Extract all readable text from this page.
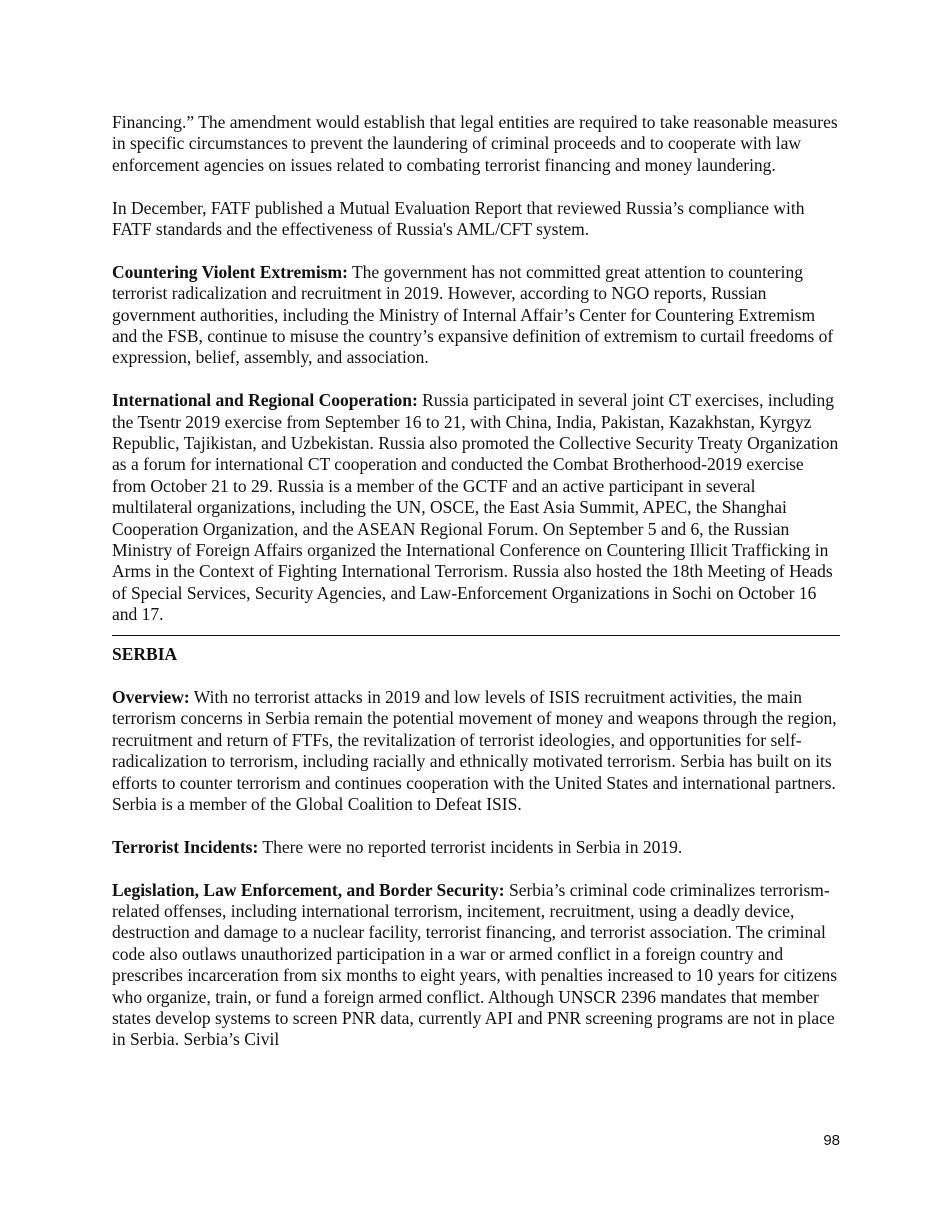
Financing.” The amendment would establish that legal entities are required to take reasonable measures in specific circumstances to prevent the laundering of criminal proceeds and to cooperate with law enforcement agencies on issues related to combating terrorist financing and money laundering.

In December, FATF published a Mutual Evaluation Report that reviewed Russia’s compliance with FATF standards and the effectiveness of Russia's AML/CFT system.

Countering Violent Extremism: The government has not committed great attention to countering terrorist radicalization and recruitment in 2019. However, according to NGO reports, Russian government authorities, including the Ministry of Internal Affair’s Center for Countering Extremism and the FSB, continue to misuse the country’s expansive definition of extremism to curtail freedoms of expression, belief, assembly, and association.

International and Regional Cooperation: Russia participated in several joint CT exercises, including the Tsentr 2019 exercise from September 16 to 21, with China, India, Pakistan, Kazakhstan, Kyrgyz Republic, Tajikistan, and Uzbekistan. Russia also promoted the Collective Security Treaty Organization as a forum for international CT cooperation and conducted the Combat Brotherhood-2019 exercise from October 21 to 29. Russia is a member of the GCTF and an active participant in several multilateral organizations, including the UN, OSCE, the East Asia Summit, APEC, the Shanghai Cooperation Organization, and the ASEAN Regional Forum. On September 5 and 6, the Russian Ministry of Foreign Affairs organized the International Conference on Countering Illicit Trafficking in Arms in the Context of Fighting International Terrorism. Russia also hosted the 18th Meeting of Heads of Special Services, Security Agencies, and Law-Enforcement Organizations in Sochi on October 16 and 17.

SERBIA

Overview: With no terrorist attacks in 2019 and low levels of ISIS recruitment activities, the main terrorism concerns in Serbia remain the potential movement of money and weapons through the region, recruitment and return of FTFs, the revitalization of terrorist ideologies, and opportunities for self-radicalization to terrorism, including racially and ethnically motivated terrorism. Serbia has built on its efforts to counter terrorism and continues cooperation with the United States and international partners. Serbia is a member of the Global Coalition to Defeat ISIS.

Terrorist Incidents: There were no reported terrorist incidents in Serbia in 2019.

Legislation, Law Enforcement, and Border Security: Serbia’s criminal code criminalizes terrorism-related offenses, including international terrorism, incitement, recruitment, using a deadly device, destruction and damage to a nuclear facility, terrorist financing, and terrorist association. The criminal code also outlaws unauthorized participation in a war or armed conflict in a foreign country and prescribes incarceration from six months to eight years, with penalties increased to 10 years for citizens who organize, train, or fund a foreign armed conflict. Although UNSCR 2396 mandates that member states develop systems to screen PNR data, currently API and PNR screening programs are not in place in Serbia. Serbia’s Civil

98
